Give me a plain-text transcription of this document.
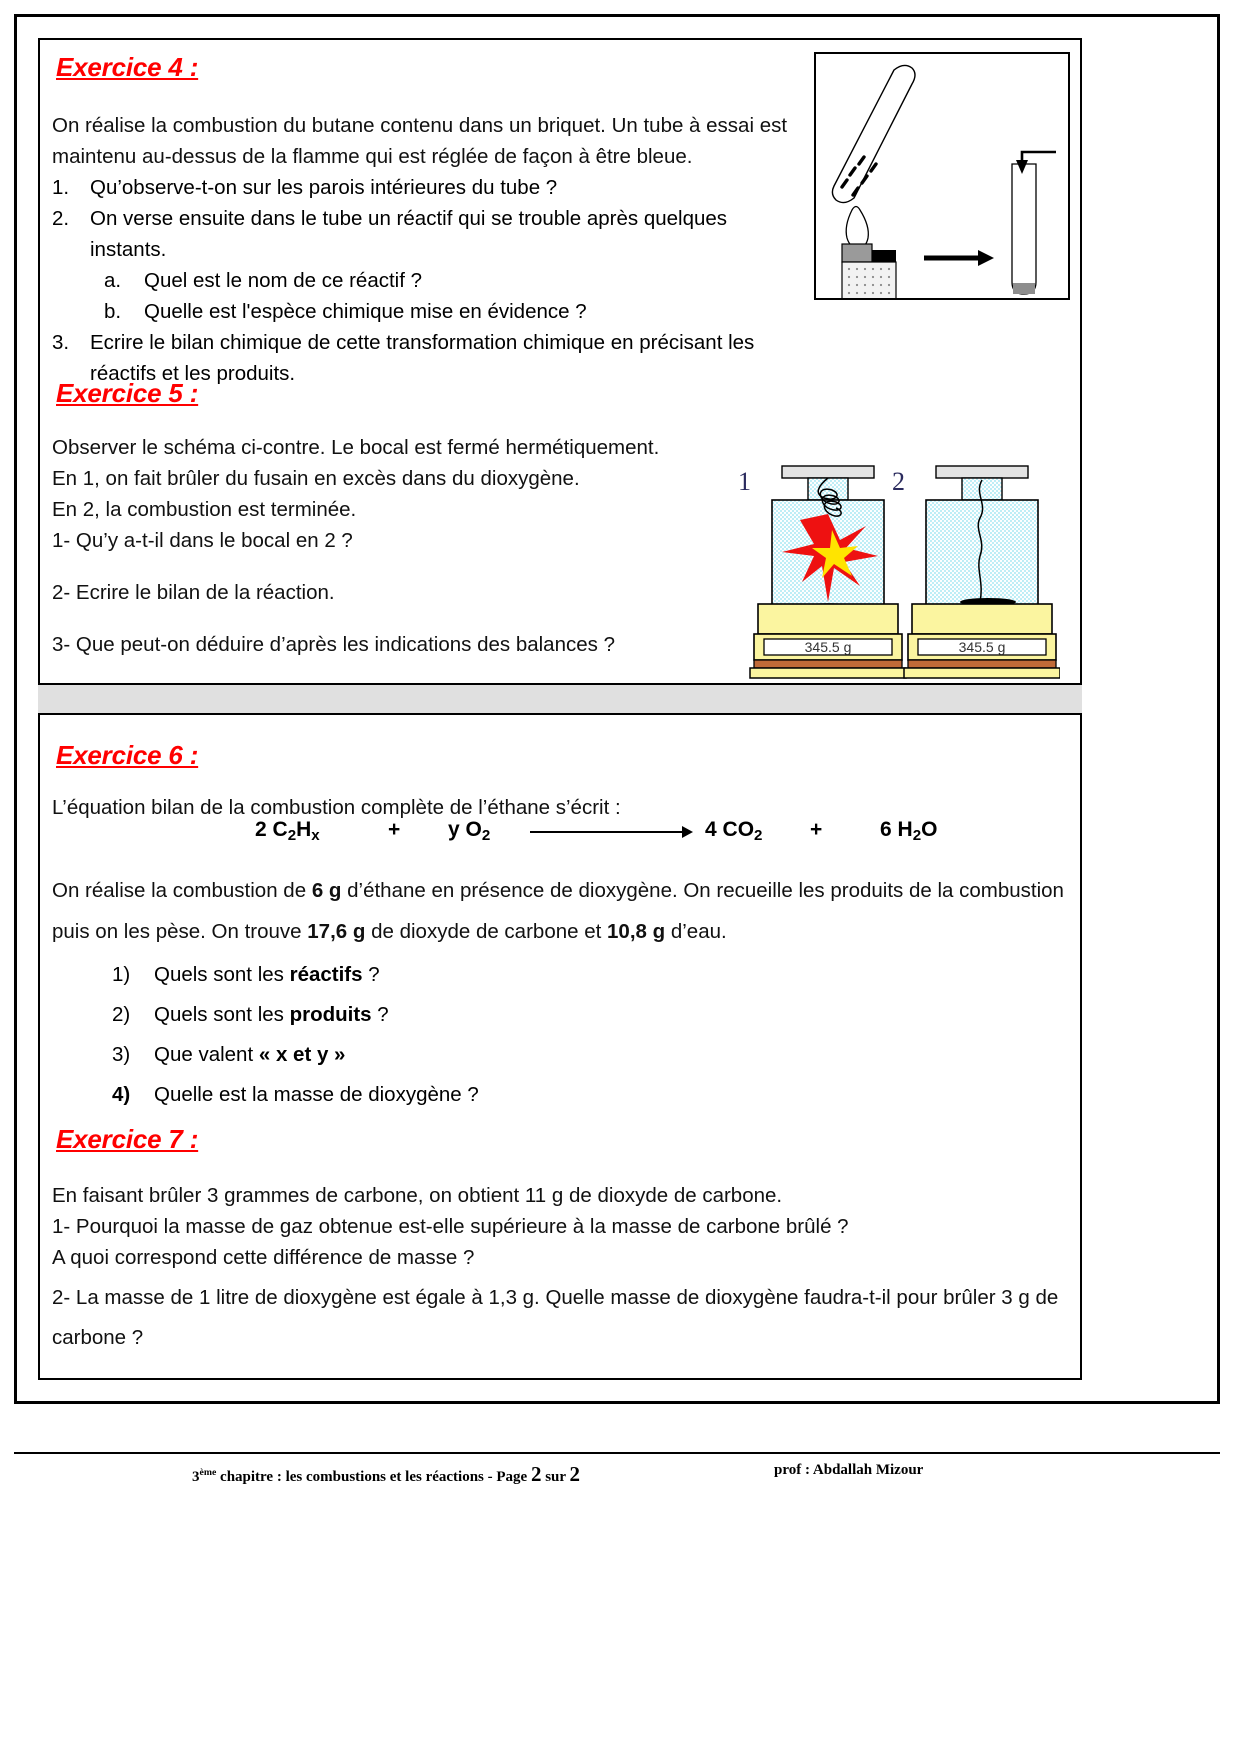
Exercice 4 :
On réalise la combustion du butane contenu dans un briquet. Un tube à essai est
maintenu au-dessus de la flamme qui est réglée de façon à être bleue.
1.	Qu’observe-t-on sur les parois intérieures du tube ?
2.	On verse ensuite dans le tube un réactif qui se trouble après quelques instants.
a.	Quel est le nom de ce réactif ?
b.	Quelle est l'espèce chimique mise en évidence ?
3.	Ecrire le bilan chimique de cette transformation chimique en précisant les réactifs et les produits.
Exercice 5 :
Observer le schéma ci-contre. Le bocal est fermé hermétiquement.
En 1, on fait brûler du fusain en excès dans du dioxygène.
En 2, la combustion est terminée.
1- Qu’y a-t-il dans le bocal en 2 ?
2- Ecrire le bilan de la réaction.
3- Que peut-on déduire d’après les indications des balances ?
1
345.5 g
2
345.5 g
Exercice 6 :
L’équation bilan de la combustion complète de l’éthane s’écrit :
2 $C_2H_x$	+ y $O_2$	4 $CO_2$ +	6 $H_2O$
On réalise la combustion de 6 g d’éthane en présence de dioxygène. On recueille les produits de la combustion
puis on les pèse. On trouve 17,6 g de dioxyde de carbone et 10,8 g d’eau.
1)	Quels sont les réactifs ?
2)	Quels sont les produits ?
3)	Que valent « x et y »
4)	Quelle est la masse de dioxygène ?
Exercice 7 :
En faisant brûler 3 grammes de carbone, on obtient 11 g de dioxyde de carbone.
1- Pourquoi la masse de gaz obtenue est-elle supérieure à la masse de carbone brûlé ?
A quoi correspond cette différence de masse ?
2- La masse de 1 litre de dioxygène est égale à 1,3 g. Quelle masse de dioxygène faudra-t-il pour brûler 3 g de
carbone ?
3ème chapitre : les combustions et les réactions - Page 2 sur 2	prof : Abdallah Mizour
